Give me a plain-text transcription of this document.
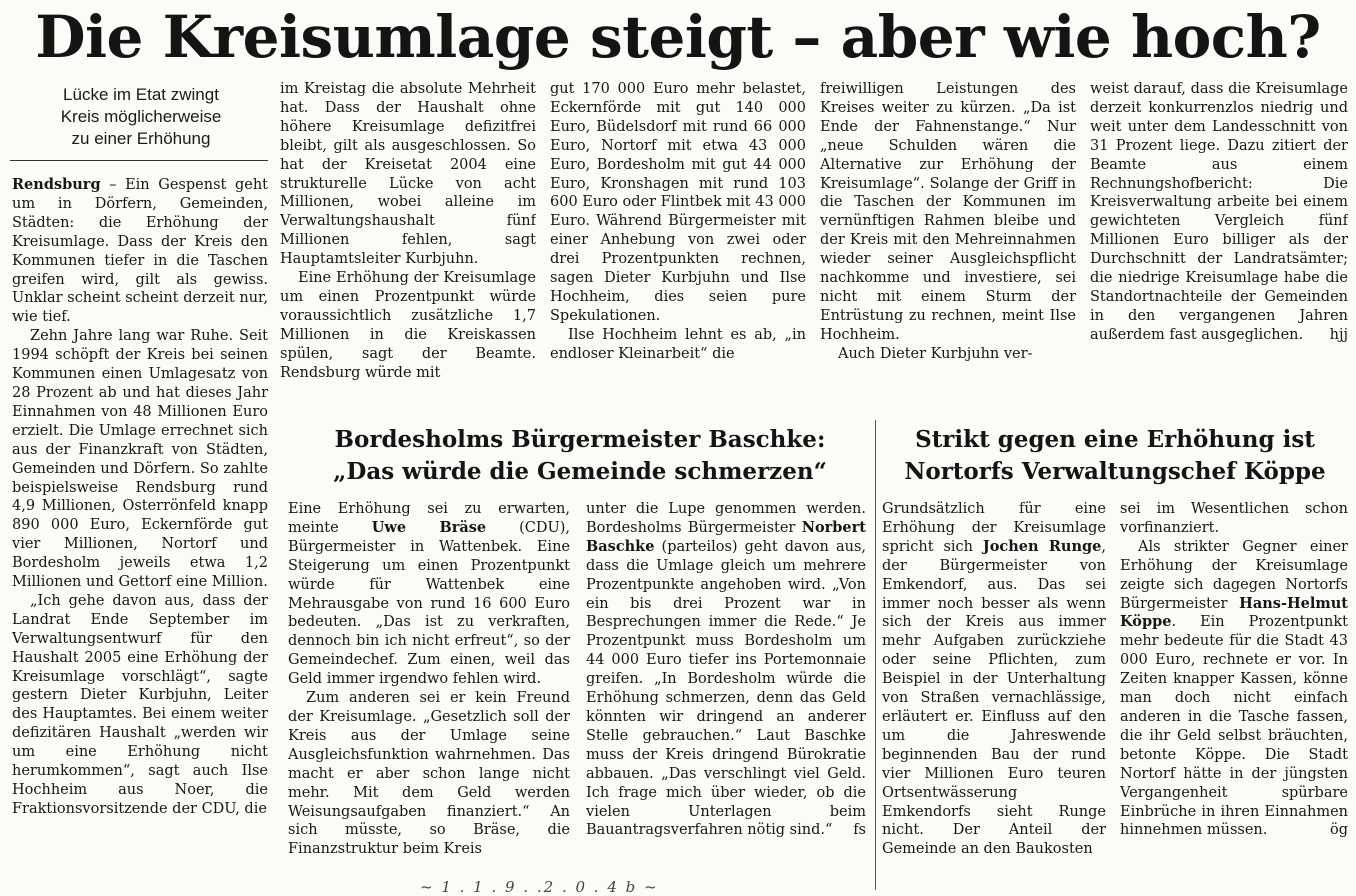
Die Kreisumlage steigt – aber wie hoch?
Lücke im Etat zwingt
Kreis möglicherweise
zu einer Erhöhung

Rendsburg – Ein Gespenst geht um in Dörfern, Gemeinden, Städten: die Erhöhung der Kreisumlage. Dass der Kreis den Kommunen tiefer in die Taschen greifen wird, gilt als gewiss. Unklar scheint scheint derzeit nur, wie tief.

Zehn Jahre lang war Ruhe. Seit 1994 schöpft der Kreis bei seinen Kommunen einen Umlagesatz von 28 Prozent ab und hat dieses Jahr Einnahmen von 48 Millionen Euro erzielt. Die Umlage errechnet sich aus der Finanzkraft von Städten, Gemeinden und Dörfern. So zahlte beispielsweise Rendsburg rund 4,9 Millionen, Osterrönfeld knapp 890 000 Euro, Eckernförde gut vier Millionen, Nortorf und Bordesholm jeweils etwa 1,2 Millionen und Gettorf eine Million.

„Ich gehe davon aus, dass der Landrat Ende September im Verwaltungsentwurf für den Haushalt 2005 eine Erhöhung der Kreisumlage vorschlägt“, sagte gestern Dieter Kurbjuhn, Leiter des Hauptamtes. Bei einem weiter defizitären Haushalt „werden wir um eine Erhöhung nicht herumkommen“, sagt auch Ilse Hochheim aus Noer, die Fraktionsvorsitzende der CDU, die

im Kreistag die absolute Mehrheit hat. Dass der Haushalt ohne höhere Kreisumlage defizitfrei bleibt, gilt als ausgeschlossen. So hat der Kreisetat 2004 eine strukturelle Lücke von acht Millionen, wobei alleine im Verwaltungshaushalt fünf Millionen fehlen, sagt Hauptamtsleiter Kurbjuhn.

Eine Erhöhung der Kreisumlage um einen Prozentpunkt würde voraussichtlich zusätzliche 1,7 Millionen in die Kreiskassen spülen, sagt der Beamte. Rendsburg würde mit

gut 170 000 Euro mehr belastet, Eckernförde mit gut 140 000 Euro, Büdelsdorf mit rund 66 000 Euro, Nortorf mit etwa 43 000 Euro, Bordesholm mit gut 44 000 Euro, Kronshagen mit rund 103 600 Euro oder Flintbek mit 43 000 Euro. Während Bürgermeister mit einer Anhebung von zwei oder drei Prozentpunkten rechnen, sagen Dieter Kurbjuhn und Ilse Hochheim, dies seien pure Spekulationen.

Ilse Hochheim lehnt es ab, „in endloser Kleinarbeit“ die

freiwilligen Leistungen des Kreises weiter zu kürzen. „Da ist Ende der Fahnenstange.“ Nur „neue Schulden wären die Alternative zur Erhöhung der Kreisumlage“. Solange der Griff in die Taschen der Kommunen im vernünftigen Rahmen bleibe und der Kreis mit den Mehreinnahmen wieder seiner Ausgleichspflicht nachkomme und investiere, sei nicht mit einem Sturm der Entrüstung zu rechnen, meint Ilse Hochheim.

Auch Dieter Kurbjuhn ver-

weist darauf, dass die Kreisumlage derzeit konkurrenzlos niedrig und weit unter dem Landesschnitt von 31 Prozent liege. Dazu zitiert der Beamte aus einem Rechnungshofbericht: Die Kreisverwaltung arbeite bei einem gewichteten Vergleich fünf Millionen Euro billiger als der Durchschnitt der Landratsämter; die niedrige Kreisumlage habe die Standortnachteile der Gemeinden in den vergangenen Jahren außerdem fast ausgeglichen. hjj

Bordesholms Bürgermeister Baschke:
„Das würde die Gemeinde schmerzen“

Eine Erhöhung sei zu erwarten, meinte Uwe Bräse (CDU), Bürgermeister in Wattenbek. Eine Steigerung um einen Prozentpunkt würde für Wattenbek eine Mehrausgabe von rund 16 600 Euro bedeuten. „Das ist zu verkraften, dennoch bin ich nicht erfreut“, so der Gemeindechef. Zum einen, weil das Geld immer irgendwo fehlen wird.

Zum anderen sei er kein Freund der Kreisumlage. „Gesetzlich soll der Kreis aus der Umlage seine Ausgleichsfunktion wahrnehmen. Das macht er aber schon lange nicht mehr. Mit dem Geld werden Weisungsaufgaben finanziert.“ An sich müsste, so Bräse, die Finanzstruktur beim Kreis

unter die Lupe genommen werden. Bordesholms Bürgermeister Norbert Baschke (parteilos) geht davon aus, dass die Umlage gleich um mehrere Prozentpunkte angehoben wird. „Von ein bis drei Prozent war in Besprechungen immer die Rede.“ Je Prozentpunkt muss Bordesholm um 44 000 Euro tiefer ins Portemonnaie greifen. „In Bordesholm würde die Erhöhung schmerzen, denn das Geld könnten wir dringend an anderer Stelle gebrauchen.“ Laut Baschke muss der Kreis dringend Bürokratie abbauen. „Das verschlingt viel Geld. Ich frage mich über wieder, ob die vielen Unterlagen beim Bauantragsverfahren nötig sind.“ fs

Strikt gegen eine Erhöhung ist
Nortorfs Verwaltungschef Köppe

Grundsätzlich für eine Erhöhung der Kreisumlage spricht sich Jochen Runge, der Bürgermeister von Emkendorf, aus. Das sei immer noch besser als wenn sich der Kreis aus immer mehr Aufgaben zurückziehe oder seine Pflichten, zum Beispiel in der Unterhaltung von Straßen vernachlässige, erläutert er. Einfluss auf den um die Jahreswende beginnenden Bau der rund vier Millionen Euro teuren Ortsentwässerung Emkendorfs sieht Runge nicht. Der Anteil der Gemeinde an den Baukosten

sei im Wesentlichen schon vorfinanziert.

Als strikter Gegner einer Erhöhung der Kreisumlage zeigte sich dagegen Nortorfs Bürgermeister Hans-Helmut Köppe. Ein Prozentpunkt mehr bedeute für die Stadt 43 000 Euro, rechnete er vor. In Zeiten knapper Kassen, könne man doch nicht einfach anderen in die Tasche fassen, die ihr Geld selbst bräuchten, betonte Köppe. Die Stadt Nortorf hätte in der jüngsten Vergangenheit spürbare Einbrüche in ihren Einnahmen hinnehmen müssen.	ög

~ 1 . 1 . 9 . .2 . 0 . 4 b ~
